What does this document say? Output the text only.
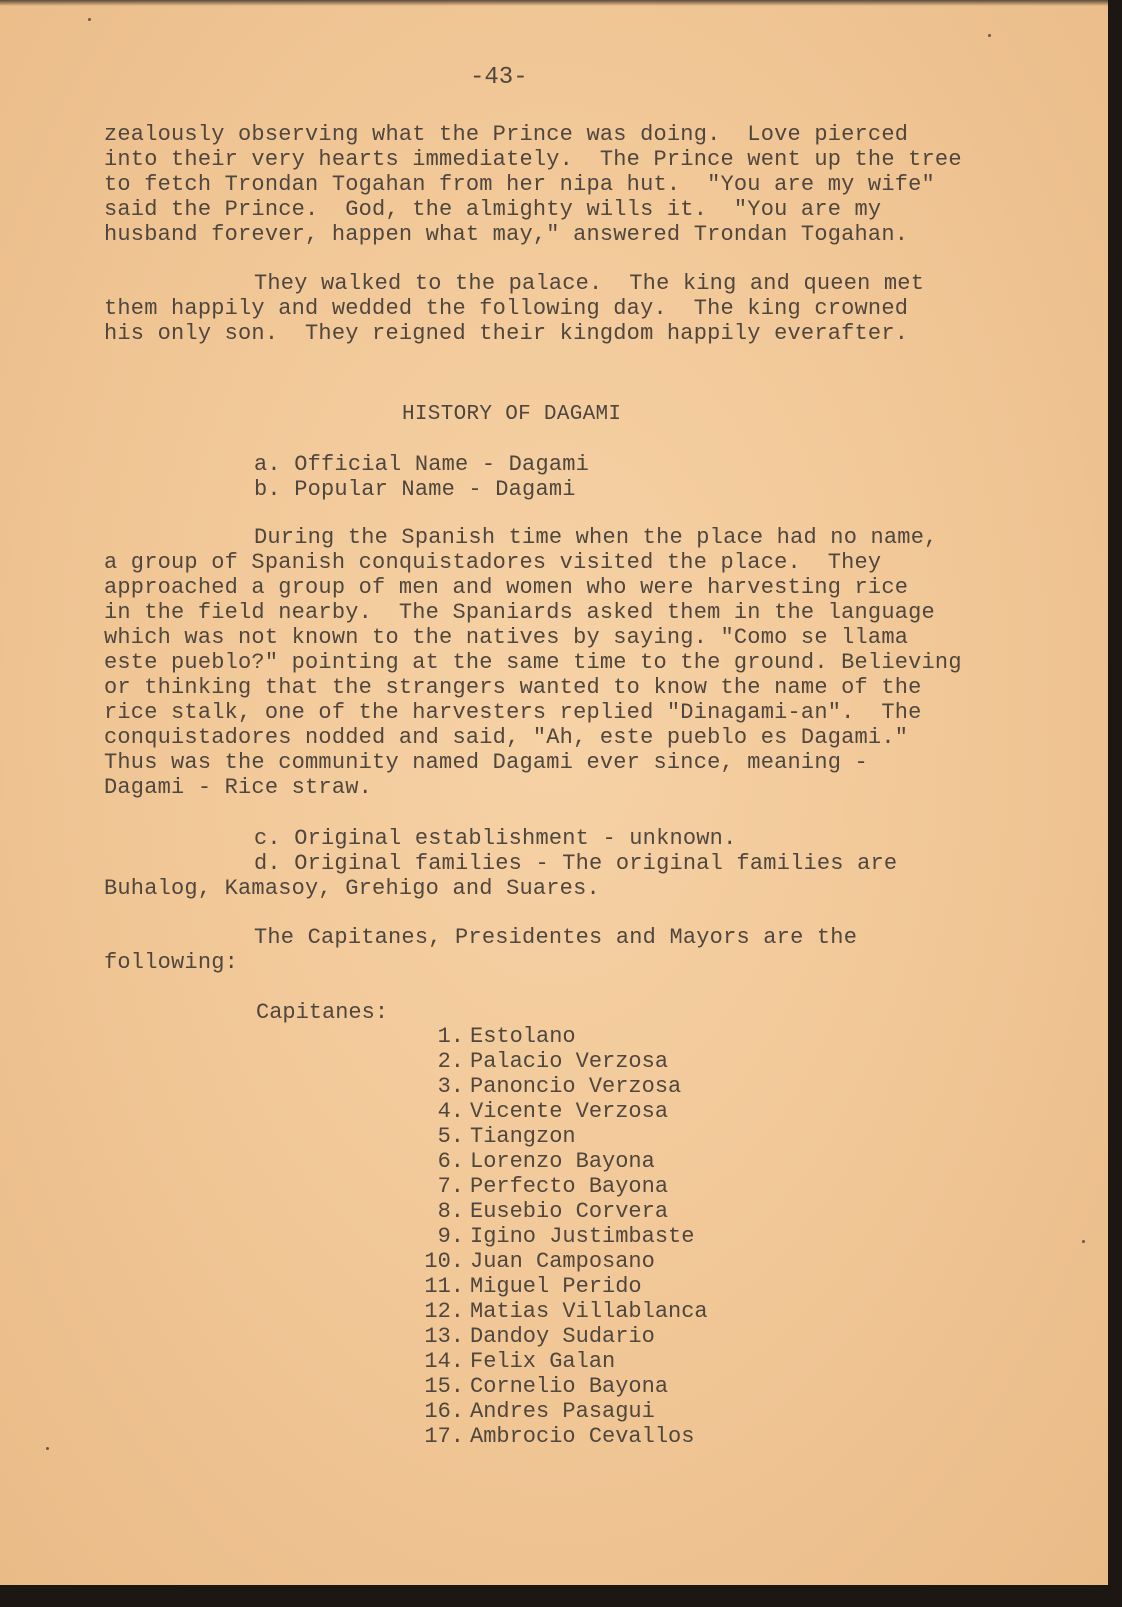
-43-
zealously observing what the Prince was doing.  Love pierced
into their very hearts immediately.  The Prince went up the tree
to fetch Trondan Togahan from her nipa hut.  "You are my wife"
said the Prince.  God, the almighty wills it.  "You are my
husband forever, happen what may," answered Trondan Togahan.
They walked to the palace.  The king and queen met
them happily and wedded the following day.  The king crowned
his only son.  They reigned their kingdom happily everafter.
HISTORY OF DAGAMI
a. Official Name - Dagami
b. Popular Name - Dagami
During the Spanish time when the place had no name,
a group of Spanish conquistadores visited the place.  They
approached a group of men and women who were harvesting rice
in the field nearby.  The Spaniards asked them in the language
which was not known to the natives by saying. "Como se llama
este pueblo?" pointing at the same time to the ground. Believing
or thinking that the strangers wanted to know the name of the
rice stalk, one of the harvesters replied "Dinagami-an".  The
conquistadores nodded and said, "Ah, este pueblo es Dagami."
Thus was the community named Dagami ever since, meaning -
Dagami - Rice straw.
c. Original establishment - unknown.
d. Original families - The original families are
Buhalog, Kamasoy, Grehigo and Suares.
The Capitanes, Presidentes and Mayors are the
following:
Capitanes:
1. Estolano
2. Palacio Verzosa
3. Panoncio Verzosa
4. Vicente Verzosa
5. Tiangzon
6. Lorenzo Bayona
7. Perfecto Bayona
8. Eusebio Corvera
9. Igino Justimbaste
10. Juan Camposano
11. Miguel Perido
12. Matias Villablanca
13. Dandoy Sudario
14. Felix Galan
15. Cornelio Bayona
16. Andres Pasagui
17. Ambrocio Cevallos
